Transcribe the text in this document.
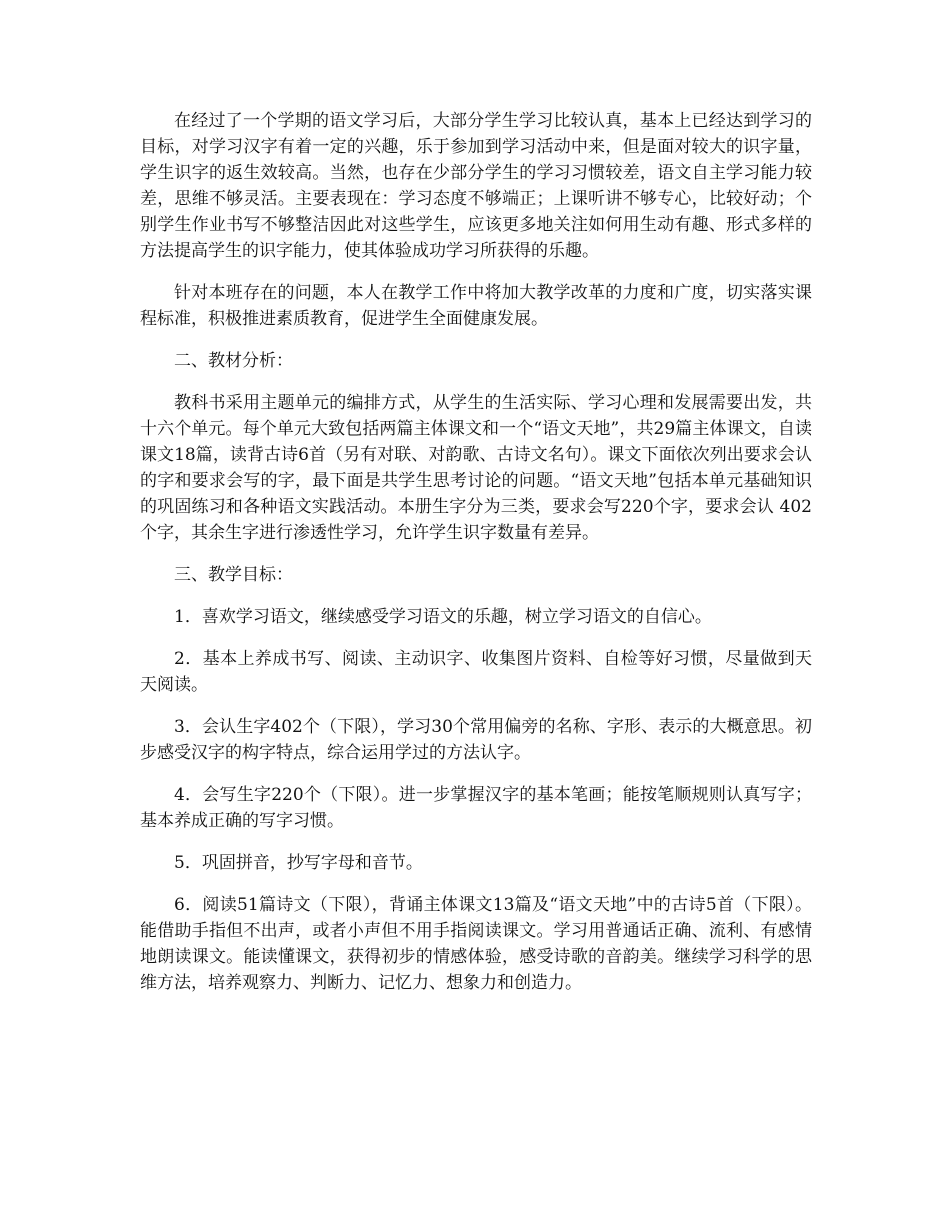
在经过了一个学期的语文学习后，大部分学生学习比较认真，基本上已经达到学习的目标，对学习汉字有着一定的兴趣，乐于参加到学习活动中来，但是面对较大的识字量，学生识字的返生效较高。当然，也存在少部分学生的学习习惯较差，语文自主学习能力较差，思维不够灵活。主要表现在：学习态度不够端正；上课听讲不够专心，比较好动；个别学生作业书写不够整洁因此对这些学生，应该更多地关注如何用生动有趣、形式多样的方法提高学生的识字能力，使其体验成功学习所获得的乐趣。

针对本班存在的问题，本人在教学工作中将加大教学改革的力度和广度，切实落实课程标准，积极推进素质教育，促进学生全面健康发展。

二、教材分析：

教科书采用主题单元的编排方式，从学生的生活实际、学习心理和发展需要出发，共十六个单元。每个单元大致包括两篇主体课文和一个“语文天地”，共29篇主体课文，自读课文18篇，读背古诗6首（另有对联、对韵歌、古诗文名句）。课文下面依次列出要求会认的字和要求会写的字，最下面是共学生思考讨论的问题。“语文天地”包括本单元基础知识的巩固练习和各种语文实践活动。本册生字分为三类，要求会写220个字，要求会认 402个字，其余生字进行渗透性学习，允许学生识字数量有差异。

三、教学目标：

1．喜欢学习语文，继续感受学习语文的乐趣，树立学习语文的自信心。

2．基本上养成书写、阅读、主动识字、收集图片资料、自检等好习惯，尽量做到天天阅读。

3．会认生字402个（下限），学习30个常用偏旁的名称、字形、表示的大概意思。初步感受汉字的构字特点，综合运用学过的方法认字。

4．会写生字220个（下限）。进一步掌握汉字的基本笔画；能按笔顺规则认真写字；基本养成正确的写字习惯。

5．巩固拼音，抄写字母和音节。

6．阅读51篇诗文（下限），背诵主体课文13篇及“语文天地”中的古诗5首（下限）。能借助手指但不出声，或者小声但不用手指阅读课文。学习用普通话正确、流利、有感情地朗读课文。能读懂课文，获得初步的情感体验，感受诗歌的音韵美。继续学习科学的思维方法，培养观察力、判断力、记忆力、想象力和创造力。
